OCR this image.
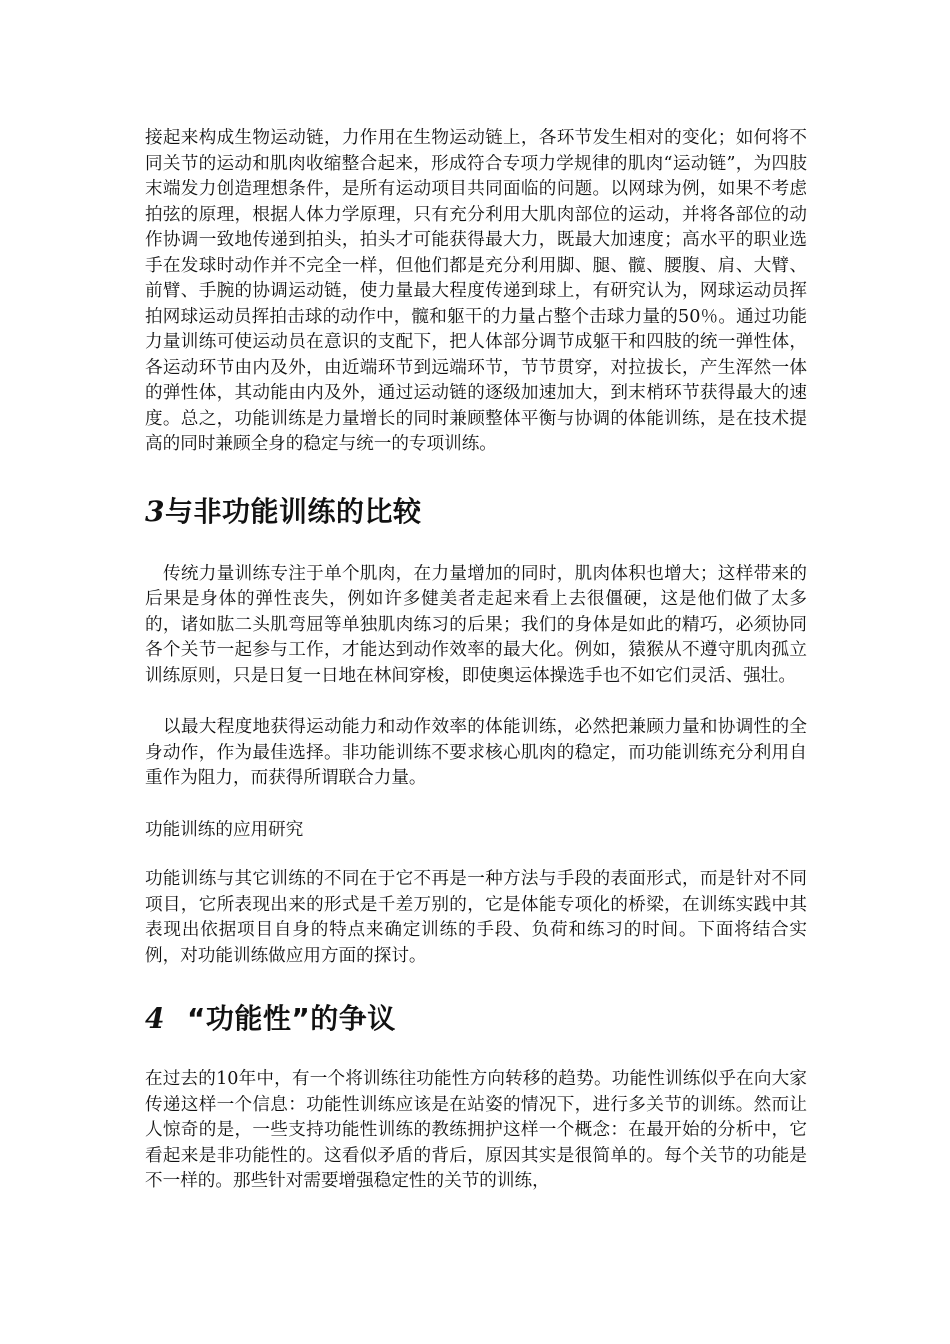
接起来构成生物运动链，力作用在生物运动链上，各环节发生相对的变化；如何将不同关节的运动和肌肉收缩整合起来，形成符合专项力学规律的肌肉“运动链”，为四肢末端发力创造理想条件，是所有运动项目共同面临的问题。以网球为例，如果不考虑拍弦的原理，根据人体力学原理，只有充分利用大肌肉部位的运动，并将各部位的动作协调一致地传递到拍头，拍头才可能获得最大力，既最大加速度；高水平的职业选手在发球时动作并不完全一样，但他们都是充分利用脚、腿、髋、腰腹、肩、大臂、前臂、手腕的协调运动链，使力量最大程度传递到球上，有研究认为，网球运动员挥拍网球运动员挥拍击球的动作中，髋和躯干的力量占整个击球力量的50％。通过功能力量训练可使运动员在意识的支配下，把人体部分调节成躯干和四肢的统一弹性体，各运动环节由内及外，由近端环节到远端环节，节节贯穿，对拉拔长，产生浑然一体的弹性体，其动能由内及外，通过运动链的逐级加速加大，到末梢环节获得最大的速度。总之，功能训练是力量增长的同时兼顾整体平衡与协调的体能训练，是在技术提高的同时兼顾全身的稳定与统一的专项训练。

3与非功能训练的比较

传统力量训练专注于单个肌肉，在力量增加的同时，肌肉体积也增大；这样带来的后果是身体的弹性丧失，例如许多健美者走起来看上去很僵硬，这是他们做了太多的，诸如肱二头肌弯屈等单独肌肉练习的后果；我们的身体是如此的精巧，必须协同各个关节一起参与工作，才能达到动作效率的最大化。例如，猿猴从不遵守肌肉孤立训练原则，只是日复一日地在林间穿梭，即使奥运体操选手也不如它们灵活、强壮。

以最大程度地获得运动能力和动作效率的体能训练，必然把兼顾力量和协调性的全身动作，作为最佳选择。非功能训练不要求核心肌肉的稳定，而功能训练充分利用自重作为阻力，而获得所谓联合力量。

功能训练的应用研究

功能训练与其它训练的不同在于它不再是一种方法与手段的表面形式，而是针对不同项目，它所表现出来的形式是千差万别的，它是体能专项化的桥梁，在训练实践中其表现出依据项目自身的特点来确定训练的手段、负荷和练习的时间。下面将结合实例，对功能训练做应用方面的探讨。

4 “功能性”的争议

在过去的10年中，有一个将训练往功能性方向转移的趋势。功能性训练似乎在向大家传递这样一个信息：功能性训练应该是在站姿的情况下，进行多关节的训练。然而让人惊奇的是，一些支持功能性训练的教练拥护这样一个概念：在最开始的分析中，它看起来是非功能性的。这看似矛盾的背后，原因其实是很简单的。每个关节的功能是不一样的。那些针对需要增强稳定性的关节的训练，
